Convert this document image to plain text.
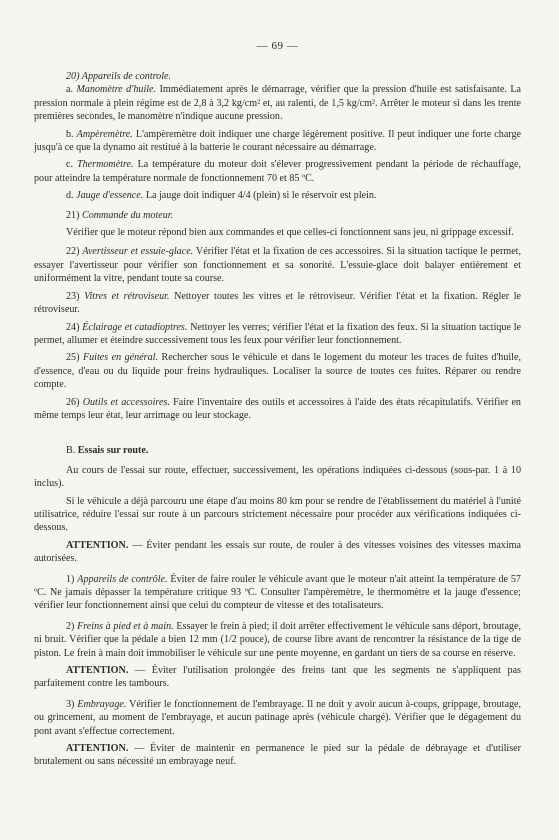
— 69 —

20) Appareils de controle.

a. Manomètre d'huile. Immédiatement après le démarrage, vérifier que la pression d'huile est satisfaisante. La pression normale à plein régime est de 2,8 à 3,2 kg/cm² et, au ralenti, de 1,5 kg/cm². Arrêter le moteur si dans les trente premières secondes, le manomètre n'indique aucune pression.

b. Ampèremètre. L'ampèremètre doit indiquer une charge légèrement positive. Il peut indiquer une forte charge jusqu'à ce que la dynamo ait restitué à la batterie le courant nécessaire au démarrage.

c. Thermomètre. La température du moteur doit s'élever progressivement pendant la période de réchauffage, pour atteindre la température normale de fonctionnement 70 et 85 ºC.

d. Jauge d'essence. La jauge doit indiquer 4/4 (plein) si le réservoir est plein.

21) Commande du moteur.

Vérifier que le moteur répond bien aux commandes et que celles-ci fonctionnent sans jeu, ni grippage excessif.

22) Avertisseur et essuie-glace. Vérifier l'état et la fixation de ces accessoires. Si la situation tactique le permet, essayer l'avertisseur pour vérifier son fonctionnement et sa sonorité. L'essuie-glace doit balayer entièrement et uniformément la vitre, pendant toute sa course.

23) Vitres et rétroviseur. Nettoyer toutes les vitres et le rétroviseur. Vérifier l'état et la fixation. Régler le rétroviseur.

24) Éclairage et catadioptres. Nettoyer les verres; vérifier l'état et la fixation des feux. Si la situation tactique le permet, allumer et éteindre successivement tous les feux pour vérifier leur fonctionnement.

25) Fuites en général. Rechercher sous le véhicule et dans le logement du moteur les traces de fuites d'huile, d'essence, d'eau ou du liquide pour freins hydrauliques. Localiser la source de toutes ces fuites. Réparer ou rendre compte.

26) Outils et accessoires. Faire l'inventaire des outils et accessoires à l'aide des états récapitulatifs. Vérifier en même temps leur état, leur arrimage ou leur stockage.

B. Essais sur route.

Au cours de l'essai sur route, effectuer, successivement, les opérations indiquées ci-dessous (sous-par. 1 à 10 inclus).

Si le véhicule a déjà parcouru une étape d'au moins 80 km pour se rendre de l'établissement du matériel à l'unité utilisatrice, réduire l'essai sur route à un parcours strictement nécessaire pour procéder aux vérifications indiquées ci-dessous.

ATTENTION. — Éviter pendant les essais sur route, de rouler à des vitesses voisines des vitesses maxima autorisées.

1) Appareils de contrôle. Éviter de faire rouler le véhicule avant que le moteur n'ait atteint la température de 57 ºC. Ne jamais dépasser la température critique 93 ºC. Consulter l'ampèremètre, le thermomètre et la jauge d'essence; vérifier leur fonctionnement ainsi que celui du compteur de vitesse et des totalisateurs.

2) Freins à pied et à main. Essayer le frein à pied; il doit arrêter effectivement le véhicule sans déport, broutage, ni bruit. Vérifier que la pédale a bien 12 mm (1/2 pouce), de course libre avant de rencontrer la résistance de la tige de piston. Le frein à main doit immobiliser le véhicule sur une pente moyenne, en gardant un tiers de sa course en réserve.

ATTENTION. — Éviter l'utilisation prolongée des freins tant que les segments ne s'appliquent pas parfaitement contre les tambours.

3) Embrayage. Vérifier le fonctionnement de l'embrayage. Il ne doit y avoir aucun à-coups, grippage, broutage, ou grincement, au moment de l'embrayage, et aucun patinage après (véhicule chargé). Vérifier que le dégagement du pont avant s'effectue correctement.

ATTENTION. — Éviter de maintenir en permanence le pied sur la pédale de débrayage et d'utiliser brutalement ou sans nécessité un embrayage neuf.
